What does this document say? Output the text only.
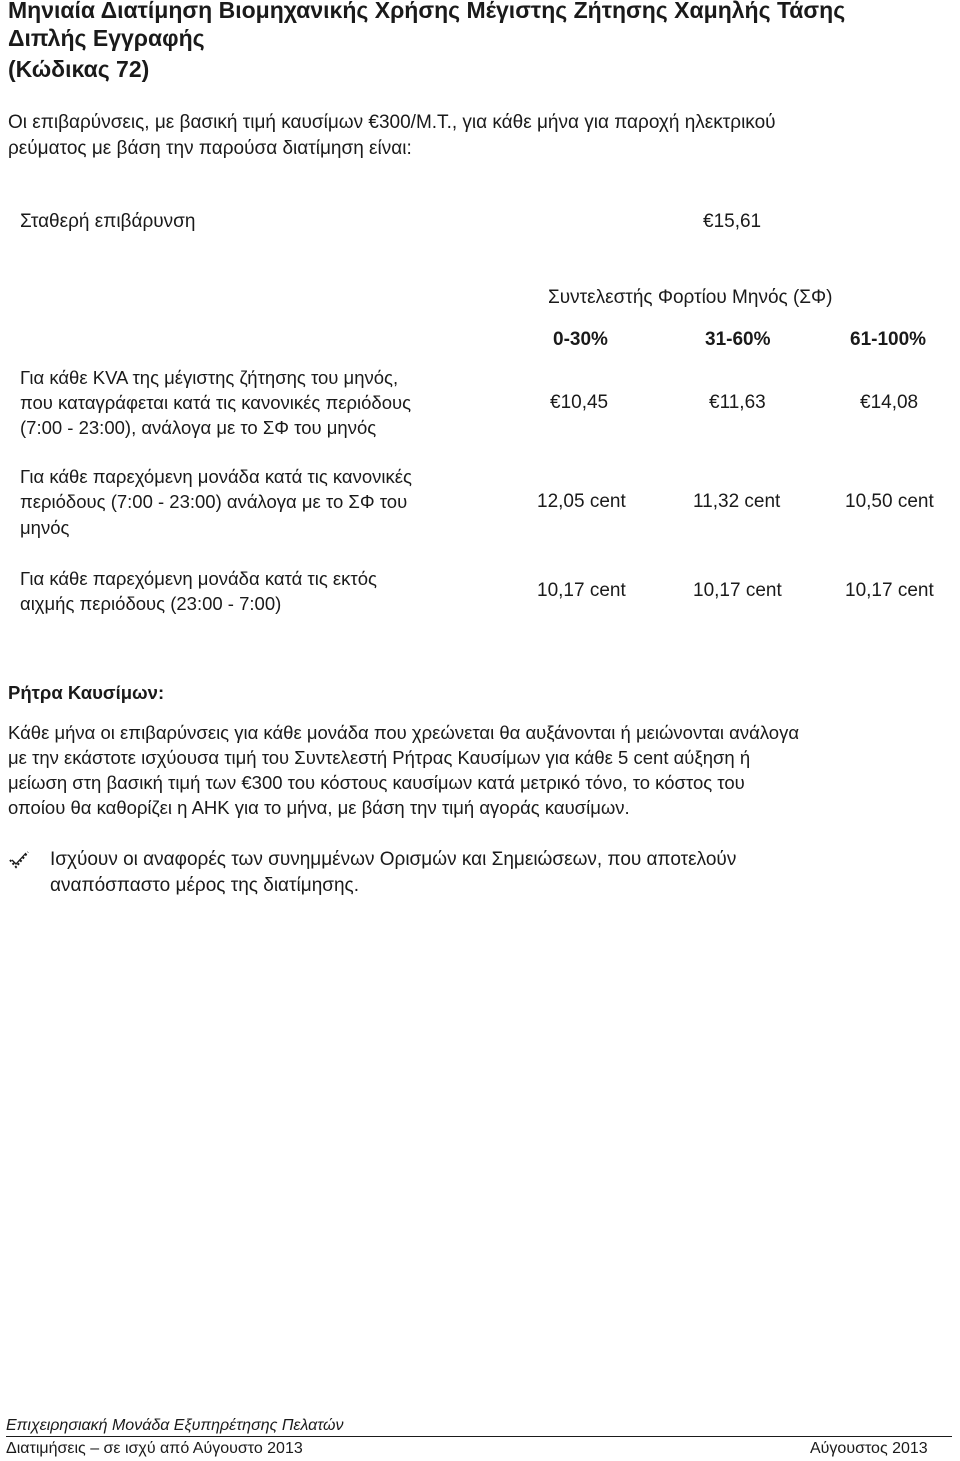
Μηνιαία Διατίμηση Βιομηχανικής Χρήσης Μέγιστης Ζήτησης Χαμηλής Τάσης
Διπλής Εγγραφής
(Κώδικας 72)
Οι επιβαρύνσεις, με βασική τιμή καυσίμων €300/Μ.Τ., για κάθε μήνα για παροχή ηλεκτρικού
ρεύματος με βάση την παρούσα διατίμηση είναι:
Σταθερή επιβάρυνση	€15,61
Συντελεστής Φορτίου Μηνός (ΣΦ)
0-30%	31-60%	61-100%
Για κάθε KVA της μέγιστης ζήτησης του μηνός,
που καταγράφεται κατά τις κανονικές περιόδους
(7:00 - 23:00), ανάλογα με το ΣΦ του μηνός
€10,45	€11,63	€14,08
Για κάθε παρεχόμενη μονάδα κατά τις κανονικές
περιόδους (7:00 - 23:00) ανάλογα με το ΣΦ του
μηνός
12,05 cent	11,32 cent	10,50 cent
Για κάθε παρεχόμενη μονάδα κατά τις εκτός
αιχμής περιόδους (23:00 - 7:00)
10,17 cent	10,17 cent	10,17 cent
Ρήτρα Καυσίμων:
Κάθε μήνα οι επιβαρύνσεις για κάθε μονάδα που χρεώνεται θα αυξάνονται ή μειώνονται ανάλογα
με την εκάστοτε ισχύουσα τιμή του Συντελεστή Ρήτρας Καυσίμων για κάθε 5 cent αύξηση ή
μείωση στη βασική τιμή των €300 του κόστους καυσίμων κατά μετρικό τόνο, το κόστος του
οποίου θα καθορίζει η ΑΗΚ για το μήνα, με βάση την τιμή αγοράς καυσίμων.
Ισχύουν οι αναφορές των συνημμένων Ορισμών και Σημειώσεων, που αποτελούν
αναπόσπαστο μέρος της διατίμησης.
Επιχειρησιακή Μονάδα Εξυπηρέτησης Πελατών
Διατιμήσεις – σε ισχύ από Αύγουστο 2013	Αύγουστος 2013
